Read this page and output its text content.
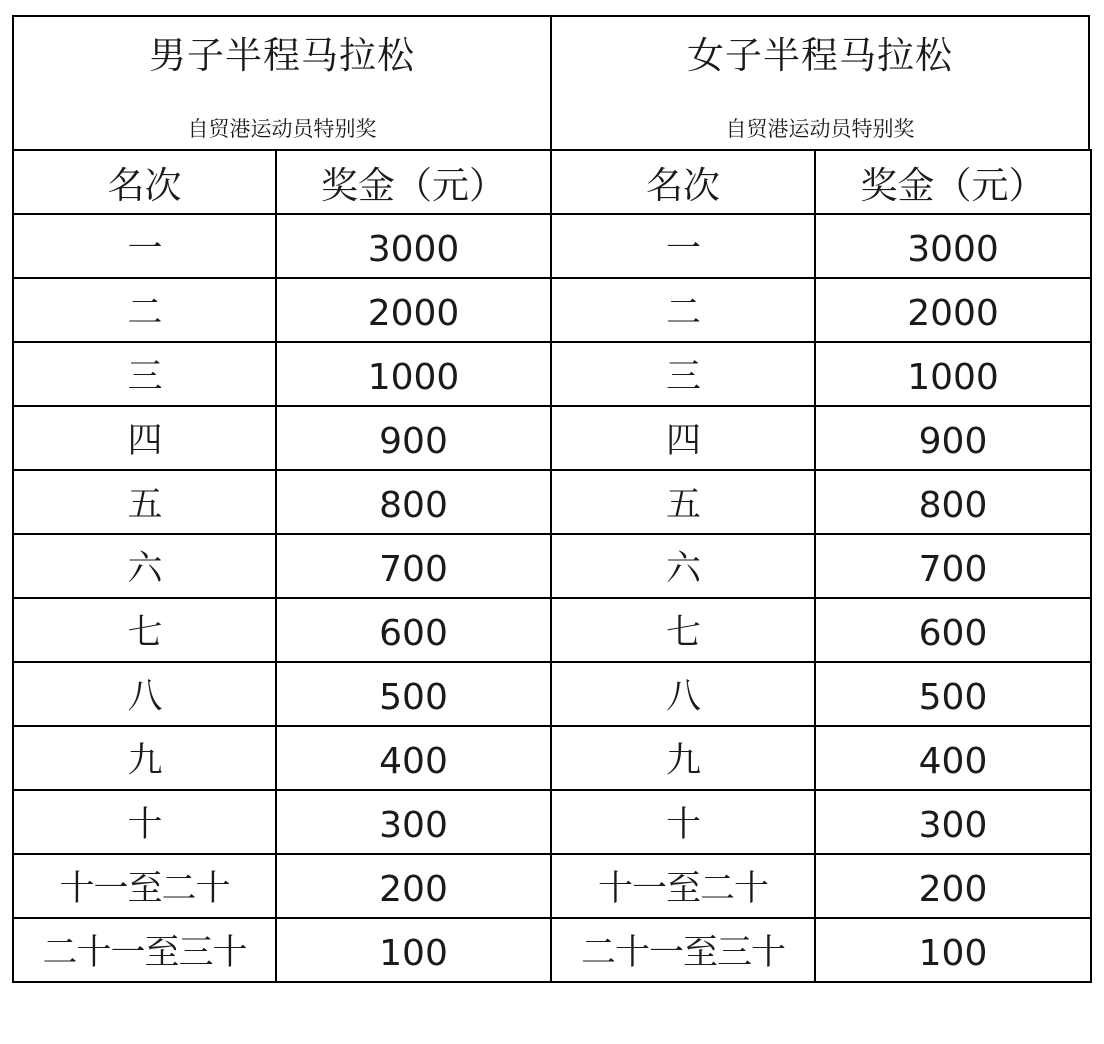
男子半程马拉松
自贸港运动员特别奖
女子半程马拉松
自贸港运动员特别奖
名次	奖金（元）	名次	奖金（元）
一	3000	一	3000
二	2000	二	2000
三	1000	三	1000
四	900	四	900
五	800	五	800
六	700	六	700
七	600	七	600
八	500	八	500
九	400	九	400
十	300	十	300
十一至二十	200	十一至二十	200
二十一至三十	100	二十一至三十	100
